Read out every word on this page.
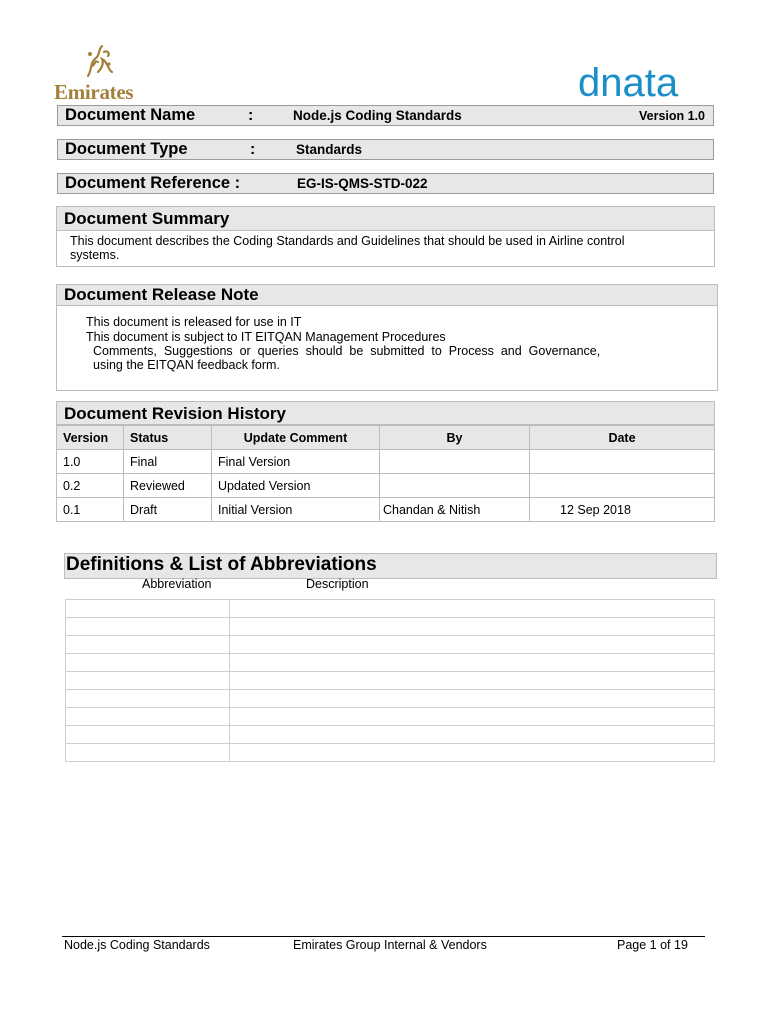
Emirates	dnata
Document Name	:	Node.js Coding Standards	Version 1.0
Document Type	:	Standards
Document Reference :	EG-IS-QMS-STD-022
Document Summary
This document describes the Coding Standards and Guidelines that should be used in Airline control
systems.
Document Release Note
This document is released for use in IT
This document is subject to IT EITQAN Management Procedures
Comments,  Suggestions  or  queries  should  be  submitted  to  Process  and  Governance,
using the EITQAN feedback form.
Document Revision History
Version	Status	Update Comment	By	Date
1.0	Final	Final Version		
0.2	Reviewed	Updated Version		
0.1	Draft	Initial Version	Chandan & Nitish	12 Sep 2018
Definitions & List of Abbreviations
Abbreviation	Description

Node.js Coding Standards	Emirates Group Internal & Vendors	Page 1 of 19
